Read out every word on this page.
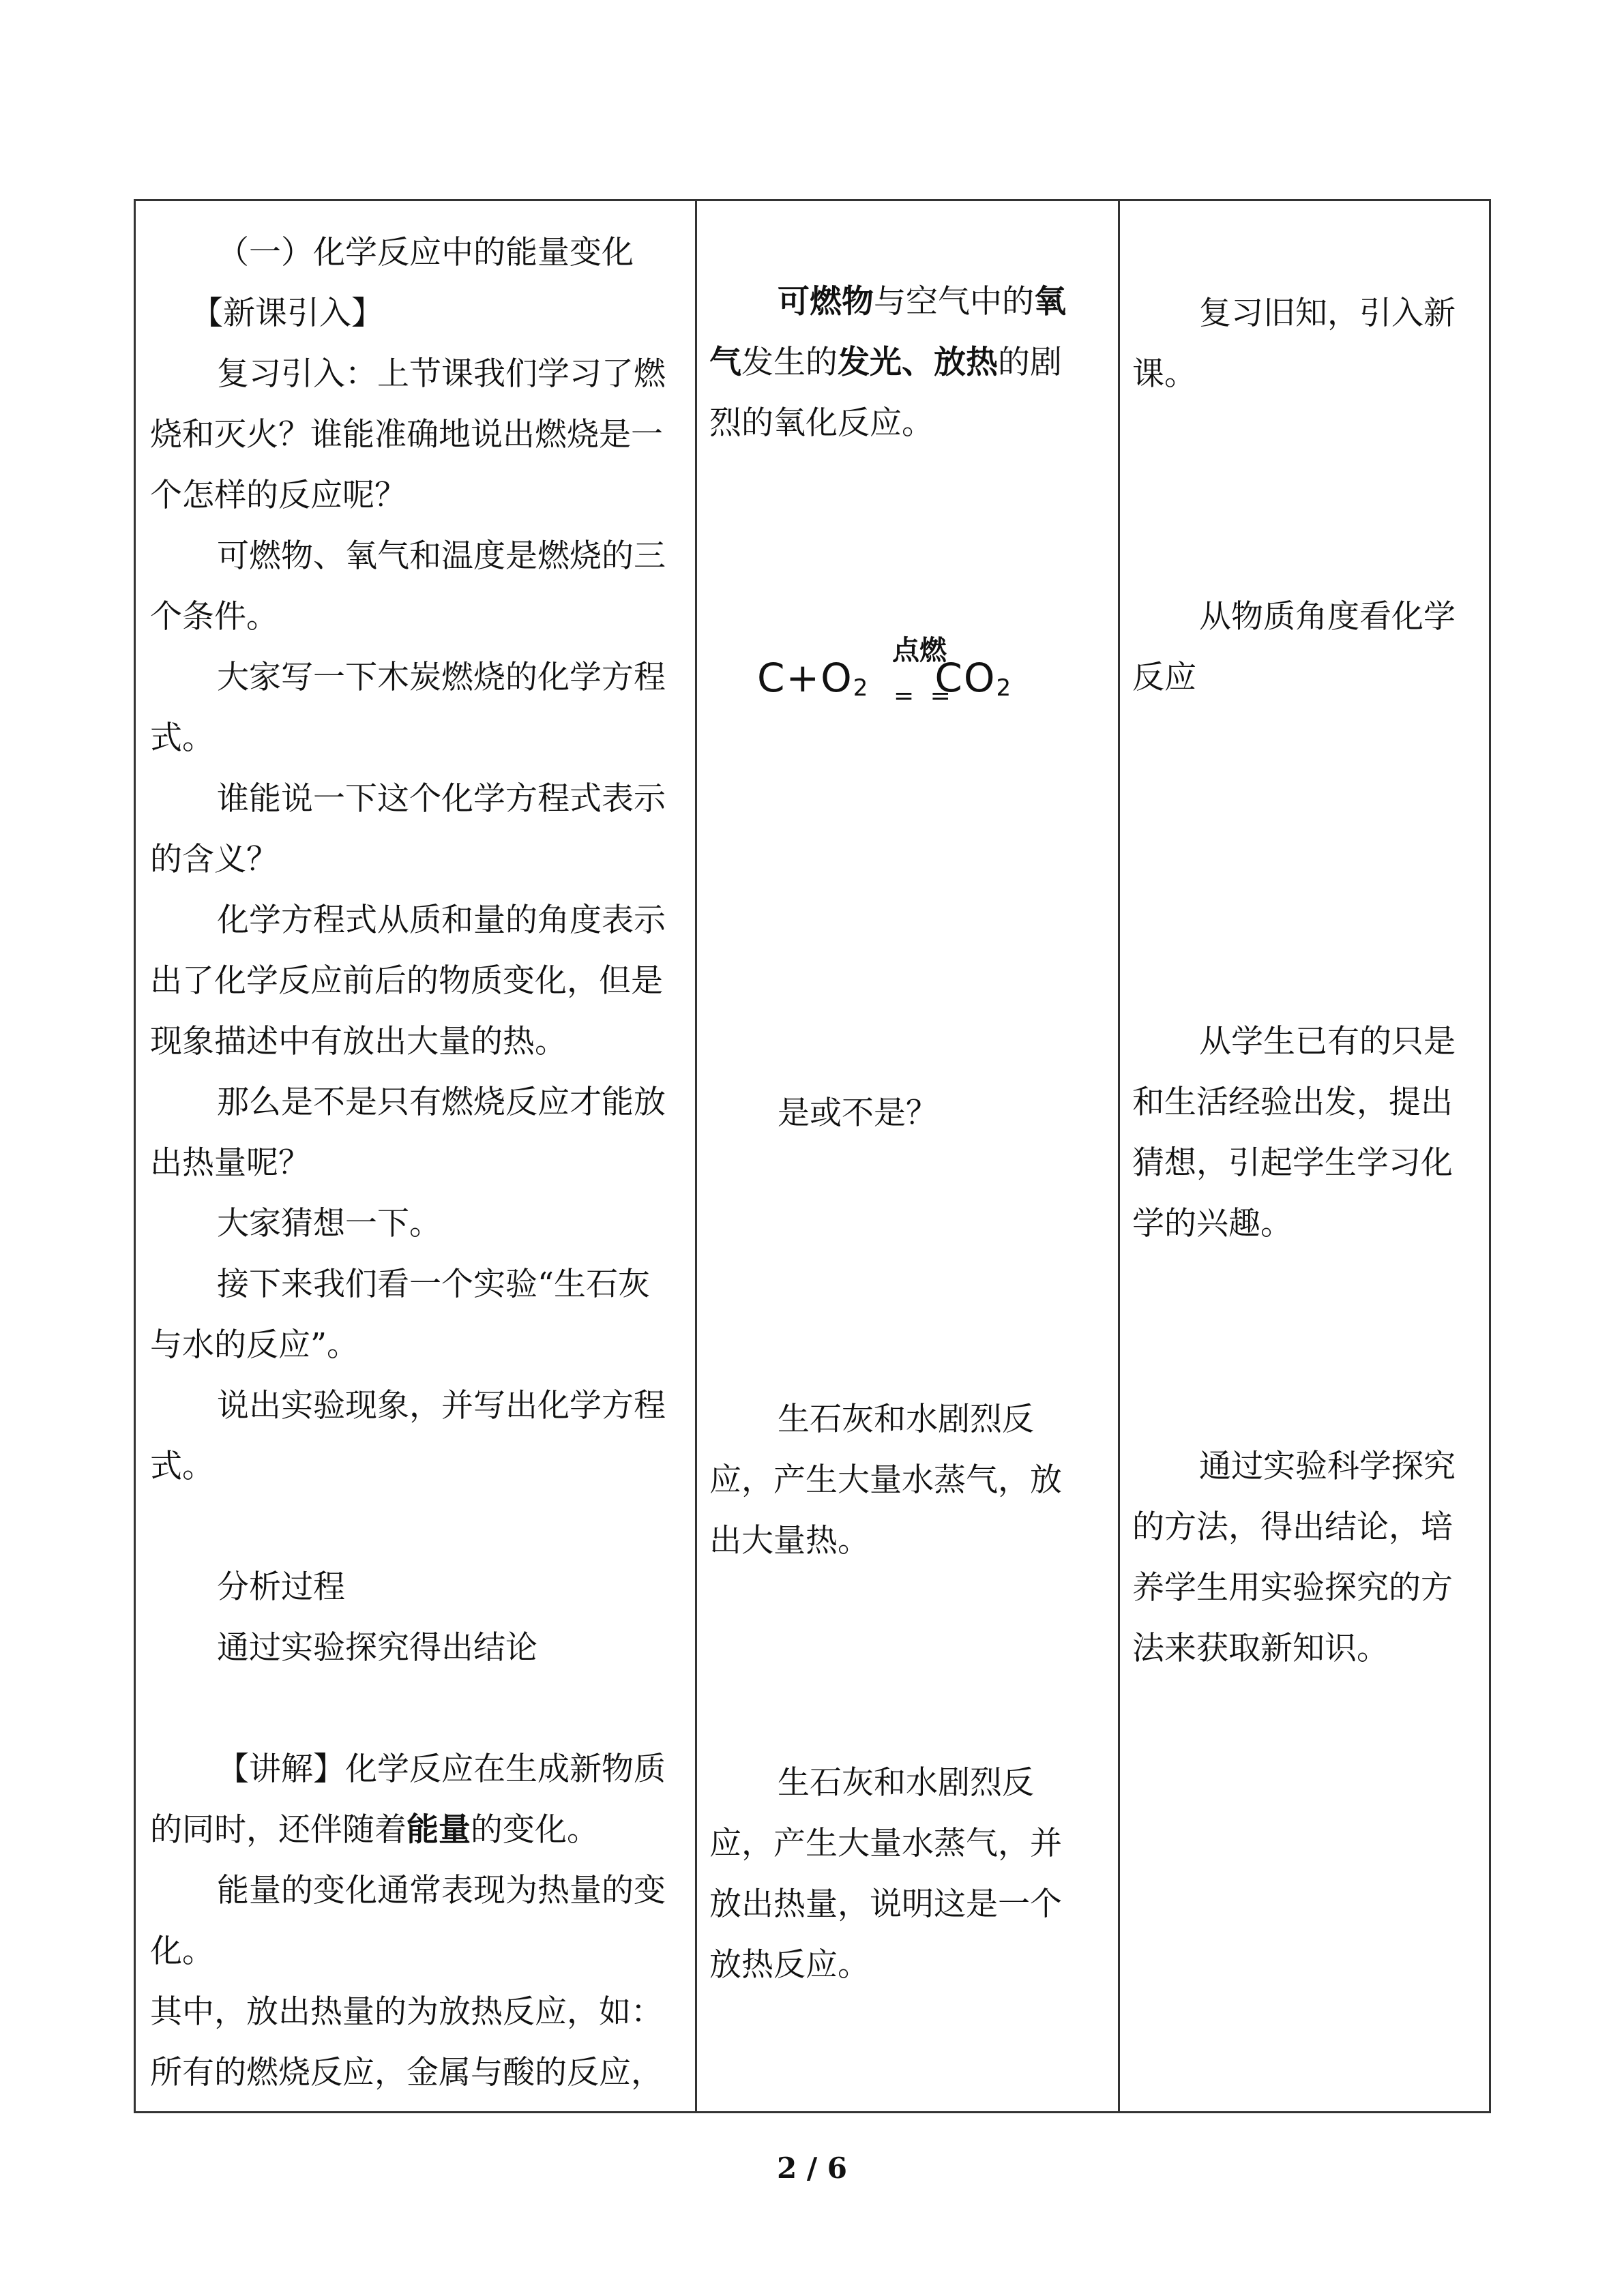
（一）化学反应中的能量变化

【新课引入】

复习引入：上节课我们学习了燃

烧和灭火？谁能准确地说出燃烧是一

个怎样的反应呢？

可燃物、氧气和温度是燃烧的三

个条件。

大家写一下木炭燃烧的化学方程

式。

谁能说一下这个化学方程式表示

的含义？

化学方程式从质和量的角度表示

出了化学反应前后的物质变化，但是

现象描述中有放出大量的热。

那么是不是只有燃烧反应才能放

出热量呢？

大家猜想一下。

接下来我们看一个实验“生石灰

与水的反应”。

说出实验现象，并写出化学方程

式。

分析过程

通过实验探究得出结论

【讲解】化学反应在生成新物质

的同时，还伴随着能量的变化。

能量的变化通常表现为热量的变

化。

其中，放出热量的为放热反应，如：

所有的燃烧反应，金属与酸的反应，

可燃物与空气中的氧

气发生的发光、放热的剧

烈的氧化反应。

$C+O_2$ $CO_2$
点燃
= =

是或不是？

生石灰和水剧烈反

应，产生大量水蒸气，放

出大量热。

生石灰和水剧烈反

应，产生大量水蒸气，并

放出热量，说明这是一个

放热反应。

复习旧知，引入新

课。

从物质角度看化学

反应

从学生已有的只是

和生活经验出发，提出

猜想，引起学生学习化

学的兴趣。

通过实验科学探究

的方法，得出结论，培

养学生用实验探究的方

法来获取新知识。

2 / 6
